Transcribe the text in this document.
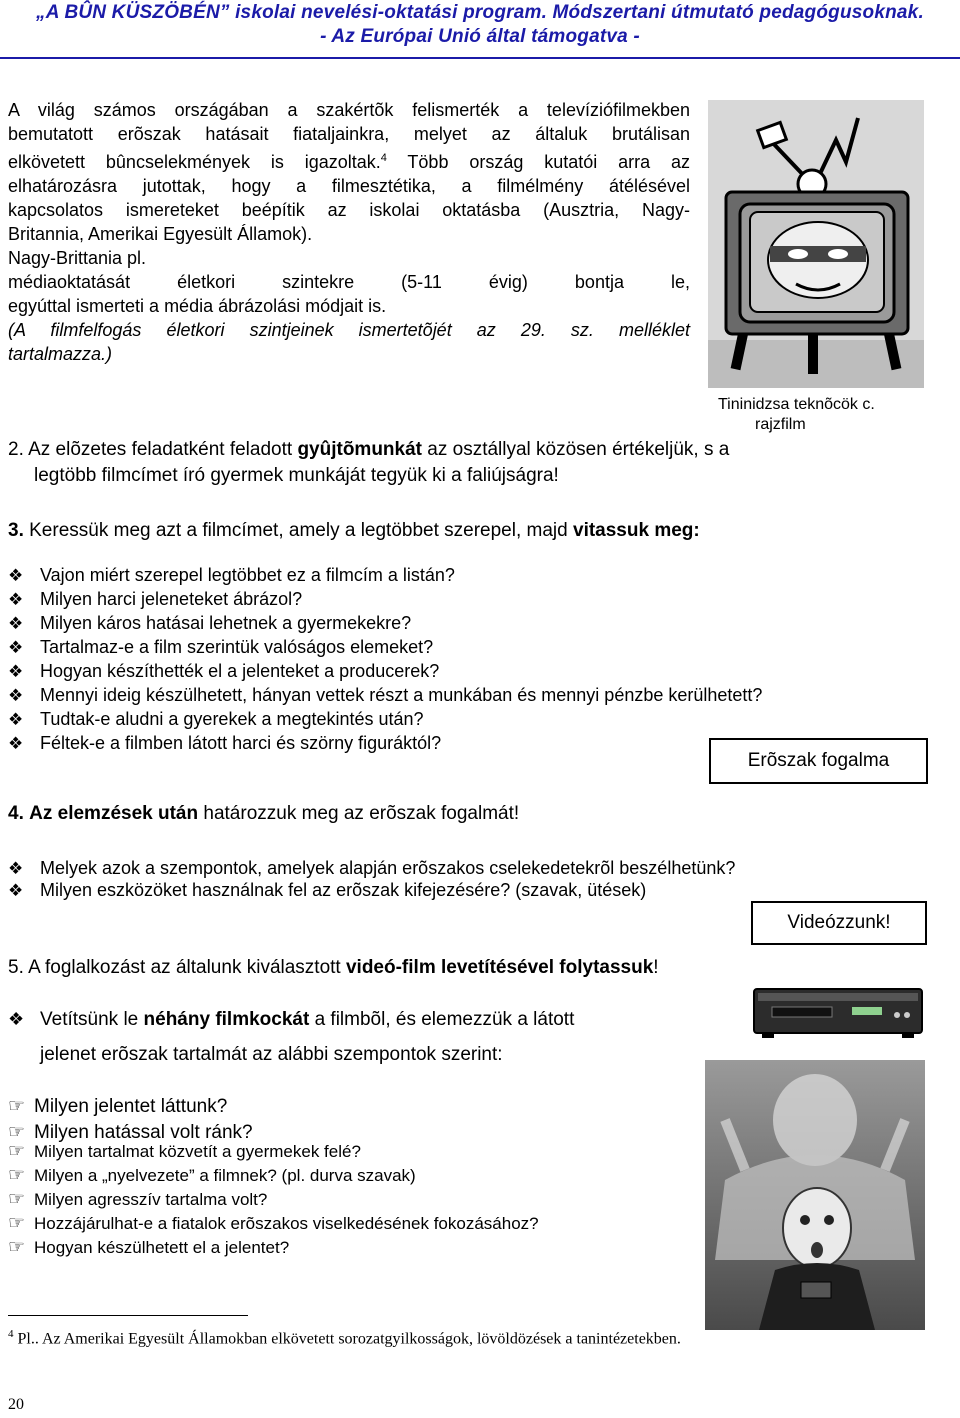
„A BÛN KÜSZÖBÉN” iskolai nevelési-oktatási program. Módszertani útmutató pedagógusoknak.
- Az Európai Unió által támogatva -
A világ számos országában a szakértõk felismerték a televíziófilmekben
bemutatott erõszak hatásait fiataljainkra, melyet az általuk brutálisan
elkövetett bûncselekmények is igazoltak.$^4$ Több ország kutatói arra az
elhatározásra jutottak, hogy a filmesztétika, a filmélmény átélésével
kapcsolatos ismereteket beépítik az iskolai oktatásba (Ausztria, Nagy-
Britannia, Amerikai Egyesült Államok).
Nagy-Brittania pl.
médiaoktatását életkori szintekre (5-11 évig) bontja le,
egyúttal ismerteti a média ábrázolási módjait is.
(A filmfelfogás életkori szintjeinek ismertetõjét az 29. sz. melléklet
tartalmazza.)
Tininidzsa teknõcök c.
rajzfilm
2. Az elõzetes feladatként feladott gyûjtõmunkát az osztállyal közösen értékeljük, s a
legtöbb filmcímet író gyermek munkáját tegyük ki a faliújságra!
3. Keressük meg azt a filmcímet, amely a legtöbbet szerepel, majd vitassuk meg:
❖ Vajon miért szerepel legtöbbet ez a filmcím a listán?
❖ Milyen harci jeleneteket ábrázol?
❖ Milyen káros hatásai lehetnek a gyermekekre?
❖ Tartalmaz-e a film szerintük valóságos elemeket?
❖ Hogyan készíthették el a jelenteket a producerek?
❖ Mennyi ideig készülhetett, hányan vettek részt a munkában és mennyi pénzbe kerülhetett?
❖ Tudtak-e aludni a gyerekek a megtekintés után?
❖ Féltek-e a filmben látott harci és szörny figuráktól?
Erõszak fogalma
4. Az elemzések után határozzuk meg az erõszak fogalmát!
❖ Melyek azok a szempontok, amelyek alapján erõszakos cselekedetekrõl beszélhetünk?
❖ Milyen eszközöket használnak fel az erõszak kifejezésére? (szavak, ütések)
Videózzunk!
5. A foglalkozást az általunk kiválasztott videó-film levetítésével folytassuk!
❖ Vetítsünk le néhány filmkockát a filmbõl, és elemezzük a látott
jelenet erõszak tartalmát az alábbi szempontok szerint:
☞ Milyen jelentet láttunk?
☞ Milyen hatással volt ránk?
☞ Milyen tartalmat közvetít a gyermekek felé?
☞ Milyen a „nyelvezete” a filmnek? (pl. durva szavak)
☞ Milyen agresszív tartalma volt?
☞ Hozzájárulhat-e a fiatalok erõszakos viselkedésének fokozásához?
☞ Hogyan készülhetett el a jelentet?
$^4$ Pl.. Az Amerikai Egyesült Államokban elkövetett sorozatgyilkosságok, lövöldözések a tanintézetekben.
20
